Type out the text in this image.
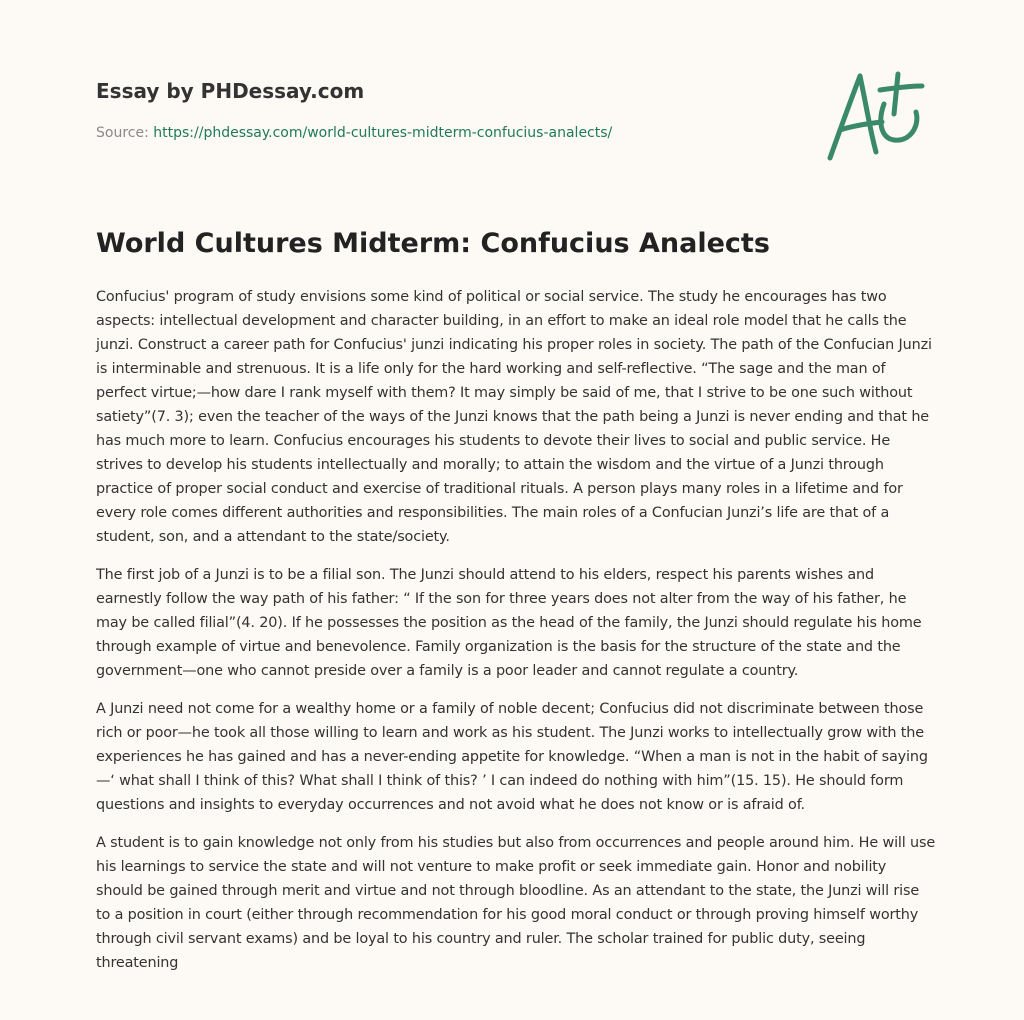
Essay by PHDessay.com
Source: https://phdessay.com/world-cultures-midterm-confucius-analects/
World Cultures Midterm: Confucius Analects

Confucius' program of study envisions some kind of political or social service. The study he encourages has two aspects: intellectual development and character building, in an effort to make an ideal role model that he calls the junzi. Construct a career path for Confucius' junzi indicating his proper roles in society. The path of the Confucian Junzi is interminable and strenuous. It is a life only for the hard working and self-reflective. “The sage and the man of perfect virtue;—how dare I rank myself with them? It may simply be said of me, that I strive to be one such without satiety”(7. 3); even the teacher of the ways of the Junzi knows that the path being a Junzi is never ending and that he has much more to learn. Confucius encourages his students to devote their lives to social and public service. He strives to develop his students intellectually and morally; to attain the wisdom and the virtue of a Junzi through practice of proper social conduct and exercise of traditional rituals. A person plays many roles in a lifetime and for every role comes different authorities and responsibilities. The main roles of a Confucian Junzi’s life are that of a student, son, and a attendant to the state/society.

The first job of a Junzi is to be a filial son. The Junzi should attend to his elders, respect his parents wishes and earnestly follow the way path of his father: “ If the son for three years does not alter from the way of his father, he may be called filial”(4. 20). If he possesses the position as the head of the family, the Junzi should regulate his home through example of virtue and benevolence. Family organization is the basis for the structure of the state and the government—one who cannot preside over a family is a poor leader and cannot regulate a country.

A Junzi need not come for a wealthy home or a family of noble decent; Confucius did not discriminate between those rich or poor—he took all those willing to learn and work as his student. The Junzi works to intellectually grow with the experiences he has gained and has a never-ending appetite for knowledge. “When a man is not in the habit of saying—‘ what shall I think of this? What shall I think of this? ’ I can indeed do nothing with him”(15. 15). He should form questions and insights to everyday occurrences and not avoid what he does not know or is afraid of.

A student is to gain knowledge not only from his studies but also from occurrences and people around him. He will use his learnings to service the state and will not venture to make profit or seek immediate gain. Honor and nobility should be gained through merit and virtue and not through bloodline. As an attendant to the state, the Junzi will rise to a position in court (either through recommendation for his good moral conduct or through proving himself worthy through civil servant exams) and be loyal to his country and ruler. The scholar trained for public duty, seeing threatening
